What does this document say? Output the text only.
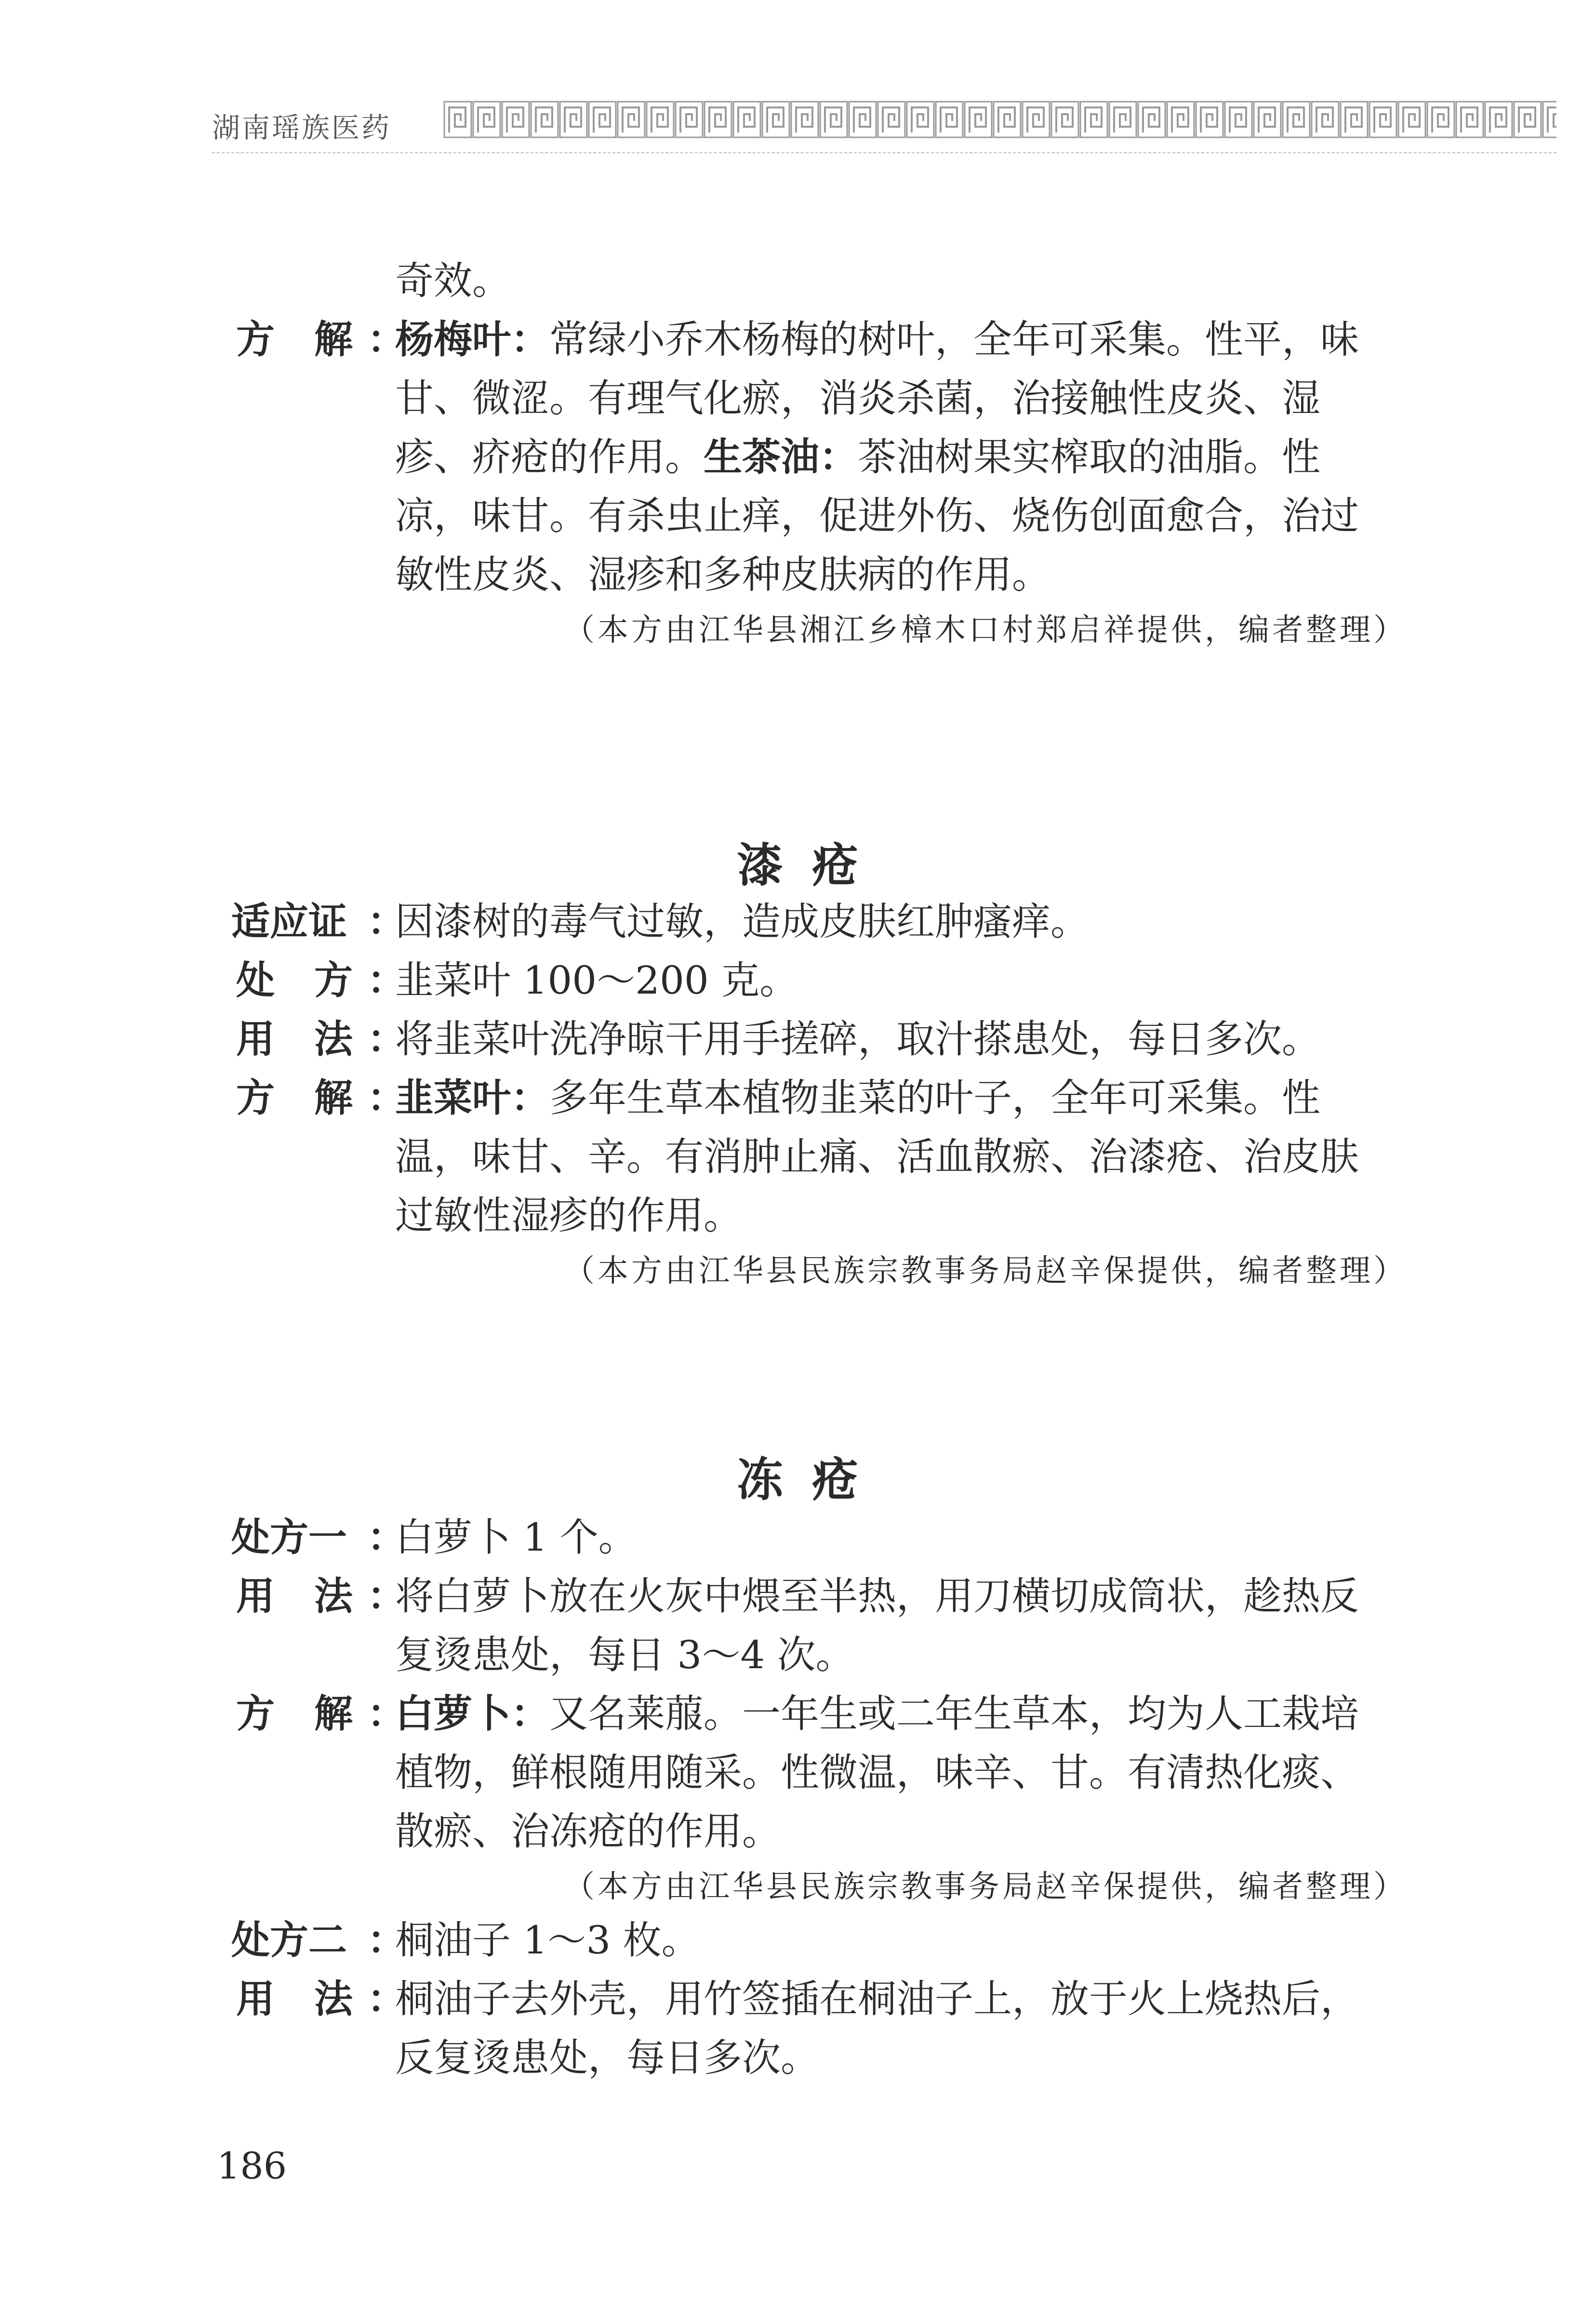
湖南瑶族医药
奇效。
方 解 ：
杨梅叶：常绿小乔木杨梅的树叶，全年可采集。性平，味
甘、微涩。有理气化瘀，消炎杀菌，治接触性皮炎、湿
疹、疥疮的作用。生茶油：茶油树果实榨取的油脂。性
凉，味甘。有杀虫止痒，促进外伤、烧伤创面愈合，治过
敏性皮炎、湿疹和多种皮肤病的作用。
（本方由江华县湘江乡樟木口村郑启祥提供，编者整理）
漆疮
适应证 ：
因漆树的毒气过敏，造成皮肤红肿瘙痒。
处 方 ：
韭菜叶 100～200 克。
用 法 ：
将韭菜叶洗净晾干用手搓碎，取汁搽患处，每日多次。
方 解 ：
韭菜叶：多年生草本植物韭菜的叶子，全年可采集。性
温，味甘、辛。有消肿止痛、活血散瘀、治漆疮、治皮肤
过敏性湿疹的作用。
（本方由江华县民族宗教事务局赵辛保提供，编者整理）
冻疮
处方一 ：
白萝卜 1 个。
用 法 ：
将白萝卜放在火灰中煨至半热，用刀横切成筒状，趁热反
复烫患处，每日 3～4 次。
方 解 ：
白萝卜：又名莱菔。一年生或二年生草本，均为人工栽培
植物，鲜根随用随采。性微温，味辛、甘。有清热化痰、
散瘀、治冻疮的作用。
（本方由江华县民族宗教事务局赵辛保提供，编者整理）
处方二 ：
桐油子 1～3 枚。
用 法 ：
桐油子去外壳，用竹签插在桐油子上，放于火上烧热后，
反复烫患处，每日多次。
186
